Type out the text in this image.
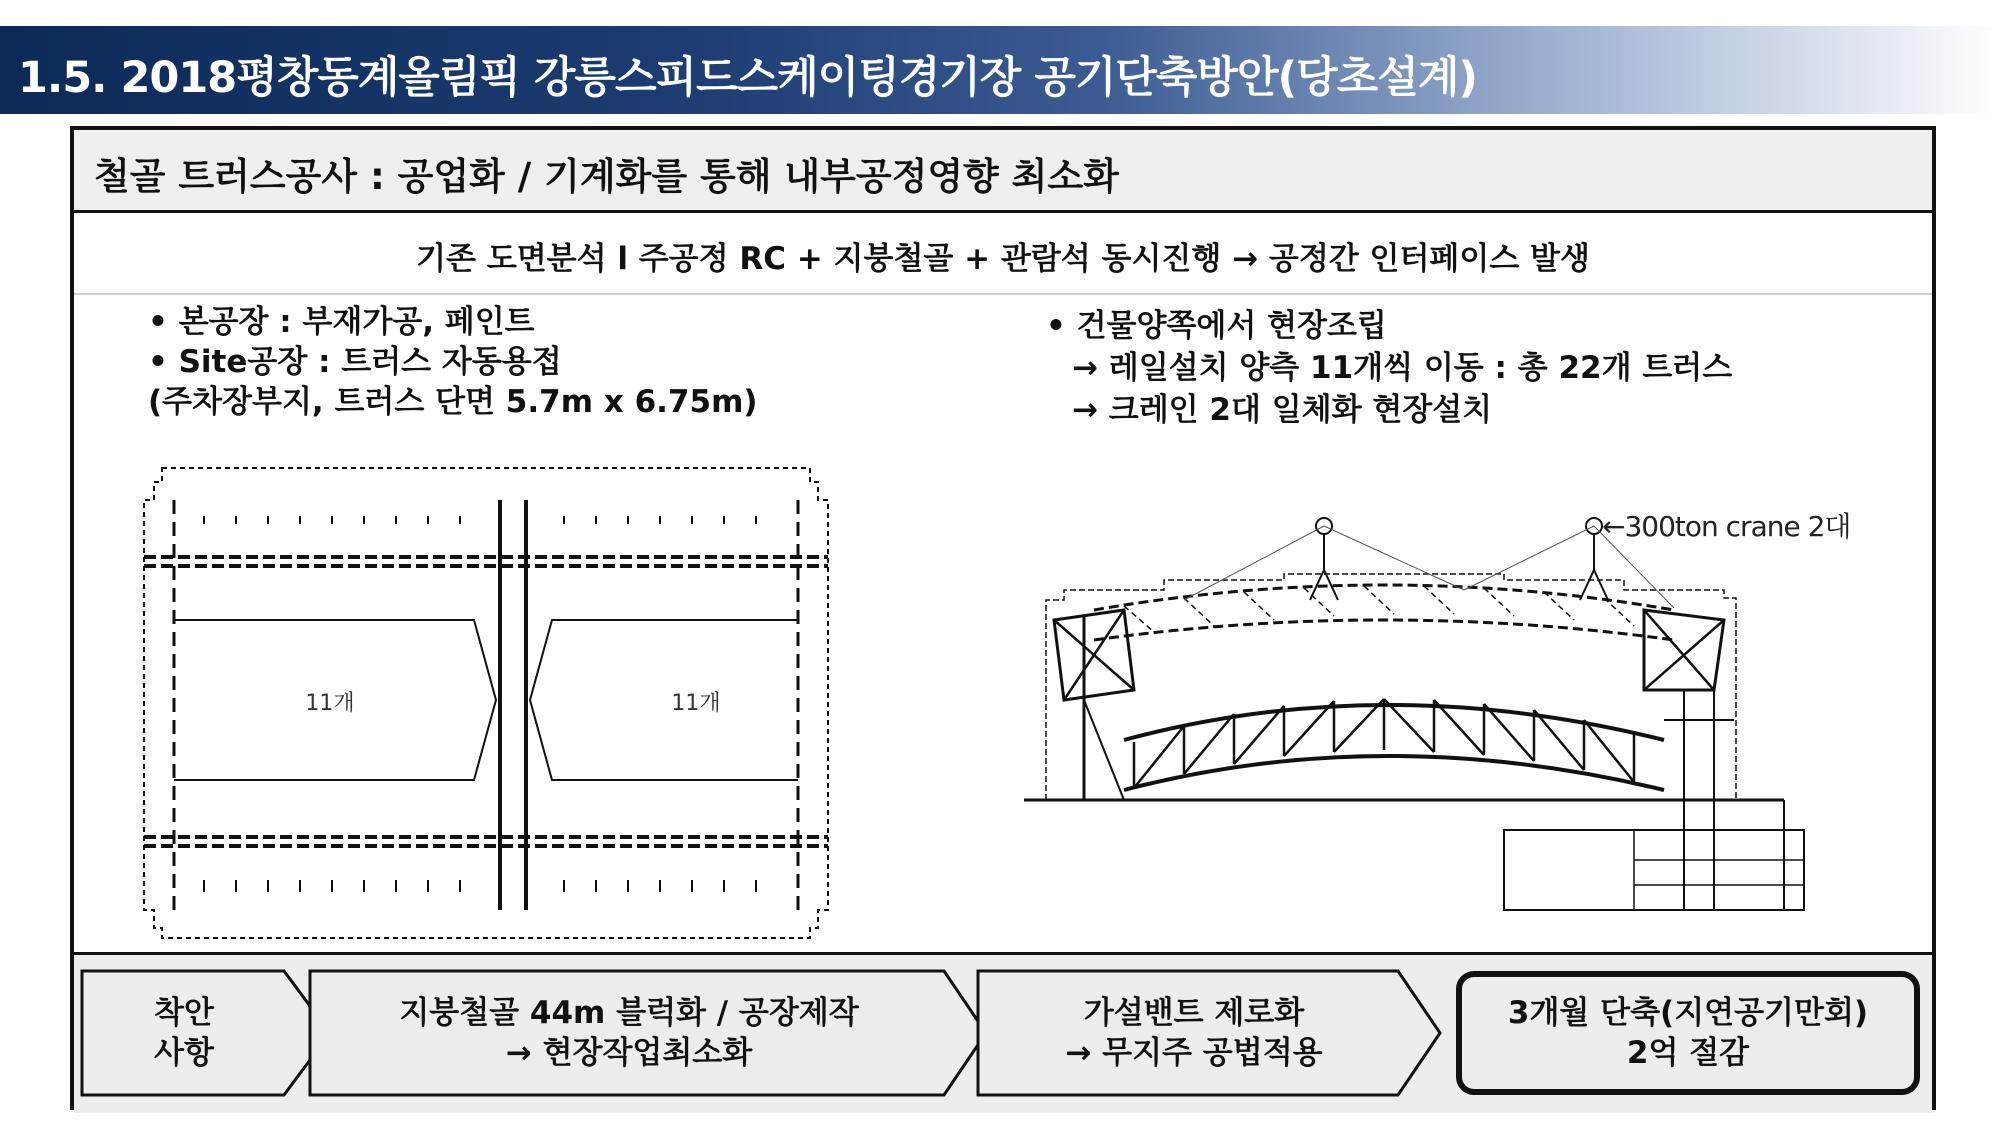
1.5. 2018평창동계올림픽 강릉스피드스케이팅경기장 공기단축방안(당초설계)
철골 트러스공사 : 공업화 / 기계화를 통해 내부공정영향 최소화
기존 도면분석 l 주공정 RC + 지붕철골 + 관람석 동시진행 → 공정간 인터페이스 발생
• 본공장 : 부재가공, 페인트
• Site공장 : 트러스 자동용접
(주차장부지, 트러스 단면 5.7m x 6.75m)
• 건물양쪽에서 현장조립
→ 레일설치 양측 11개씩 이동 : 총 22개 트러스
→ 크레인 2대 일체화 현장설치
11개	11개
←300ton crane 2대
착안
사항
지붕철골 44m 블럭화 / 공장제작
→ 현장작업최소화
가설밴트 제로화
→ 무지주 공법적용
3개월 단축(지연공기만회)
2억 절감
